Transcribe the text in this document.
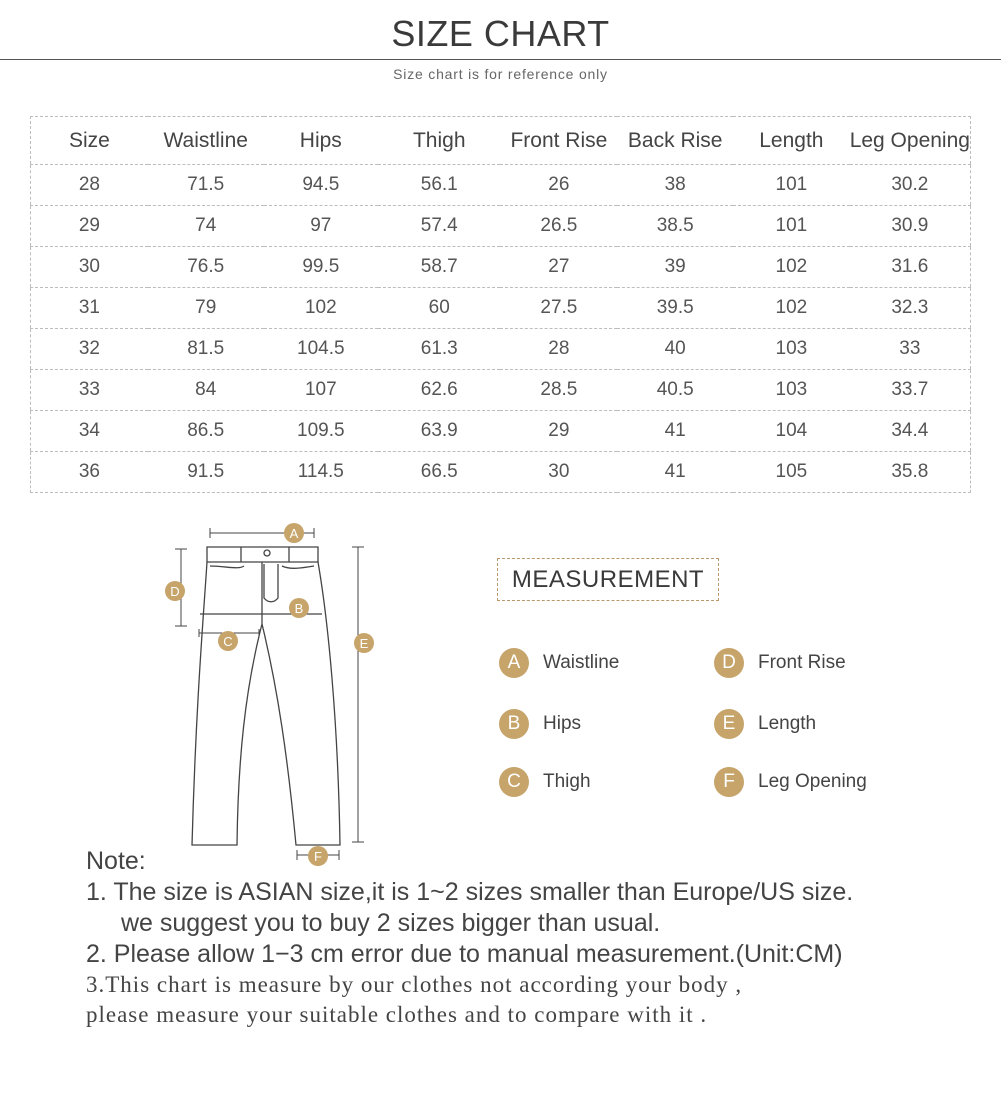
SIZE CHART
Size chart is for reference only
Size	Waistline	Hips	Thigh	Front Rise	Back Rise	Length	Leg Opening
28	71.5	94.5	56.1	26	38	101	30.2
29	74	97	57.4	26.5	38.5	101	30.9
30	76.5	99.5	58.7	27	39	102	31.6
31	79	102	60	27.5	39.5	102	32.3
32	81.5	104.5	61.3	28	40	103	33
33	84	107	62.6	28.5	40.5	103	33.7
34	86.5	109.5	63.9	29	41	104	34.4
36	91.5	114.5	66.5	30	41	105	35.8
A
B
C
D
E
F
MEASUREMENT
A	Waistline	D	Front Rise
B	Hips	E	Length
C	Thigh	F	Leg Opening
Note:
1. The size is ASIAN size,it is 1~2 sizes smaller than Europe/US size.
we suggest you to buy 2 sizes bigger than usual.
2. Please allow 1−3 cm error due to manual measurement.(Unit:CM)
3.This chart is measure by our clothes not according your body ,
please measure your suitable clothes and to compare with it .
